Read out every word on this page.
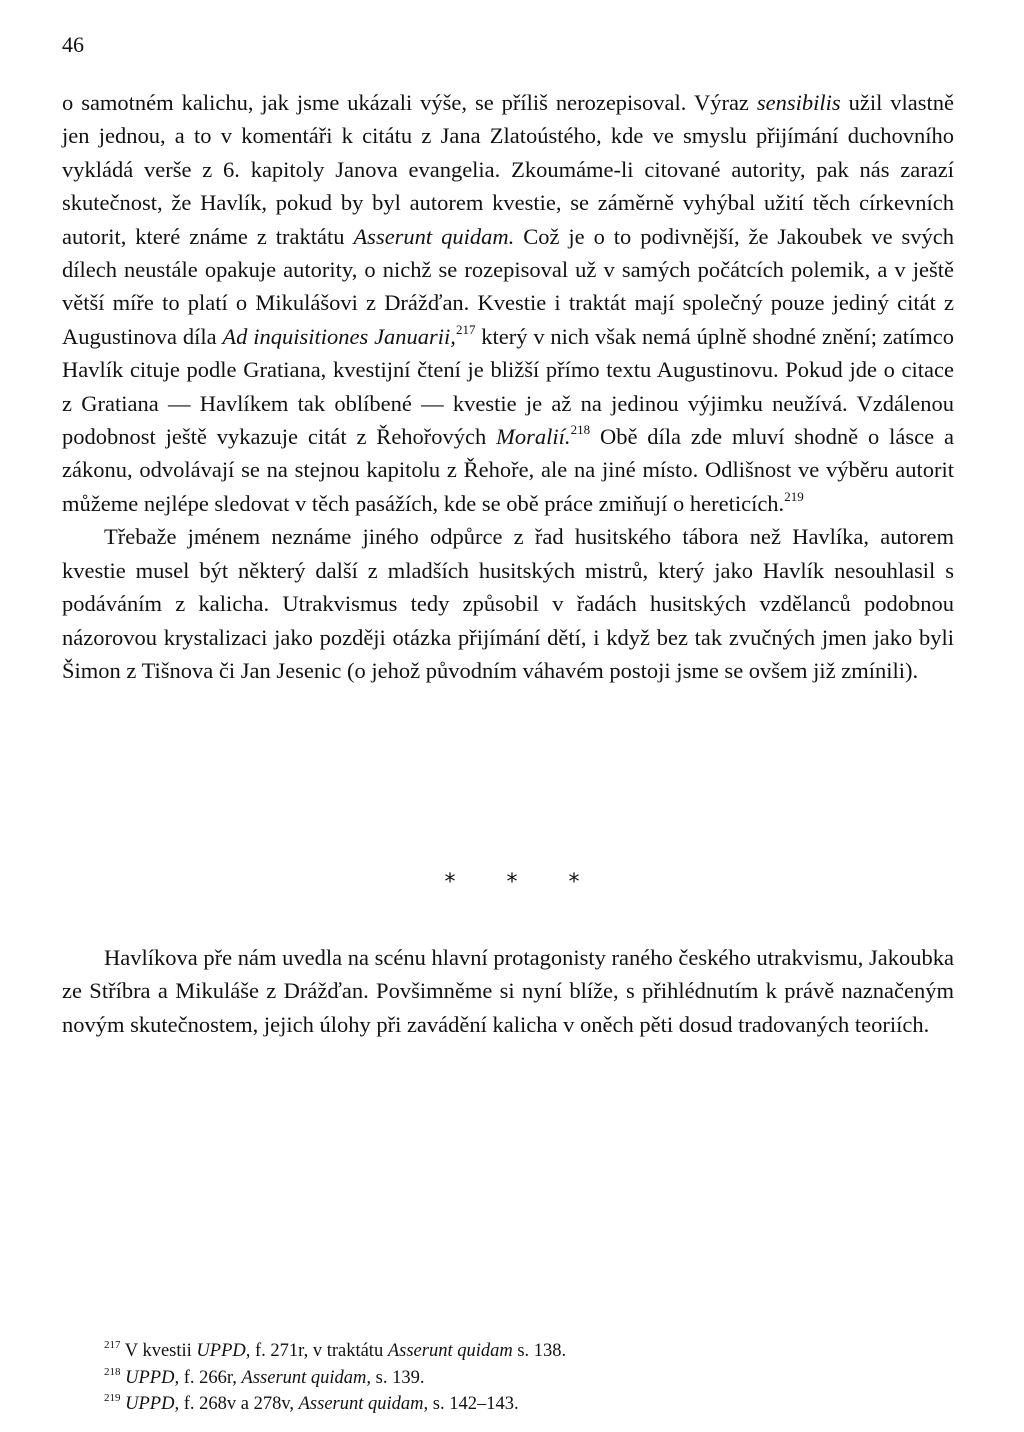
46

o samotném kalichu, jak jsme ukázali výše, se příliš nerozepisoval. Výraz sensibilis užil vlastně jen jednou, a to v komentáři k citátu z Jana Zlatoústého, kde ve smyslu přijímání duchovního vykládá verše z 6. kapitoly Janova evangelia. Zkoumáme-li citované autority, pak nás zarazí skutečnost, že Havlík, pokud by byl autorem kvestie, se záměrně vyhýbal užití těch církevních autorit, které známe z traktátu Asserunt quidam. Což je o to podivnější, že Jakoubek ve svých dílech neustále opakuje autority, o nichž se rozepisoval už v samých počátcích polemik, a v ještě větší míře to platí o Mikulášovi z Drážďan. Kvestie i traktát mají společný pouze jediný citát z Augustinova díla Ad inquisitiones Januarii,$^{217}$ který v nich však nemá úplně shodné znění; zatímco Havlík cituje podle Gratiana, kvestijní čtení je bližší přímo textu Augustinovu. Pokud jde o citace z Gratiana — Havlíkem tak oblíbené — kvestie je až na jedinou výjimku neužívá. Vzdálenou podobnost ještě vykazuje citát z Řehořových Moralií.$^{218}$ Obě díla zde mluví shodně o lásce a zákonu, odvolávají se na stejnou kapitolu z Řehoře, ale na jiné místo. Odlišnost ve výběru autorit můžeme nejlépe sledovat v těch pasážích, kde se obě práce zmiňují o hereticích.$^{219}$

Třebaže jménem neznáme jiného odpůrce z řad husitského tábora než Havlíka, autorem kvestie musel být některý další z mladších husitských mistrů, který jako Havlík nesouhlasil s podáváním z kalicha. Utrakvismus tedy způsobil v řadách husitských vzdělanců podobnou názorovou krystalizaci jako později otázka přijímání dětí, i když bez tak zvučných jmen jako byli Šimon z Tišnova či Jan Jesenic (o jehož původním váhavém postoji jsme se ovšem již zmínili).

* * *

Havlíkova pře nám uvedla na scénu hlavní protagonisty raného českého utrakvismu, Jakoubka ze Stříbra a Mikuláše z Drážďan. Povšimněme si nyní blíže, s přihlédnutím k právě naznačeným novým skutečnostem, jejich úlohy při zavádění kalicha v oněch pěti dosud tradovaných teoriích.

$^{217}$ V kvestii UPPD, f. 271r, v traktátu Asserunt quidam s. 138.

$^{218}$ UPPD, f. 266r, Asserunt quidam, s. 139.

$^{219}$ UPPD, f. 268v a 278v, Asserunt quidam, s. 142–143.
